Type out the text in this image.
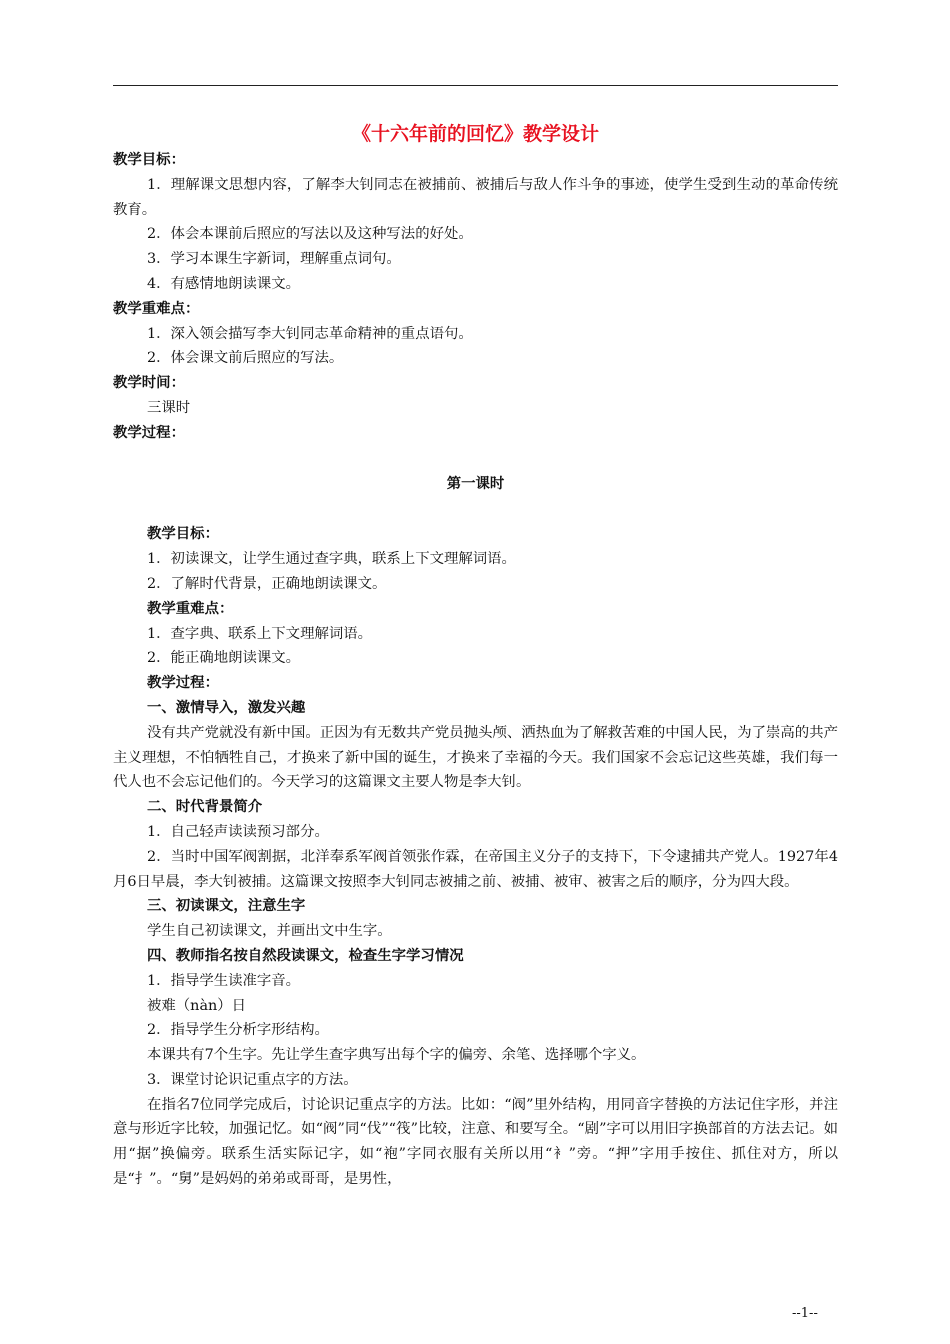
《十六年前的回忆》教学设计
教学目标：
1．理解课文思想内容，了解李大钊同志在被捕前、被捕后与敌人作斗争的事迹，使学生受到生动的革命传统教育。
2．体会本课前后照应的写法以及这种写法的好处。
3．学习本课生字新词，理解重点词句。
4．有感情地朗读课文。
教学重难点：
1．深入领会描写李大钊同志革命精神的重点语句。
2．体会课文前后照应的写法。
教学时间：
三课时
教学过程：
第一课时
教学目标：
1．初读课文，让学生通过查字典，联系上下文理解词语。
2．了解时代背景，正确地朗读课文。
教学重难点：
1．查字典、联系上下文理解词语。
2．能正确地朗读课文。
教学过程：
一、激情导入，激发兴趣
没有共产党就没有新中国。正因为有无数共产党员抛头颅、洒热血为了解救苦难的中国人民，为了崇高的共产主义理想，不怕牺牲自己，才换来了新中国的诞生，才换来了幸福的今天。我们国家不会忘记这些英雄，我们每一代人也不会忘记他们的。今天学习的这篇课文主要人物是李大钊。
二、时代背景简介
1．自己轻声读读预习部分。
2．当时中国军阀割据，北洋奉系军阀首领张作霖，在帝国主义分子的支持下，下令逮捕共产党人。1927年4月6日早晨，李大钊被捕。这篇课文按照李大钊同志被捕之前、被捕、被审、被害之后的顺序，分为四大段。
三、初读课文，注意生字
学生自己初读课文，并画出文中生字。
四、教师指名按自然段读课文，检查生字学习情况
1．指导学生读准字音。
被难（nàn）日
2．指导学生分析字形结构。
本课共有7个生字。先让学生查字典写出每个字的偏旁、余笔、选择哪个字义。
3．课堂讨论识记重点字的方法。
在指名7位同学完成后，讨论识记重点字的方法。比如：“阀”里外结构，用同音字替换的方法记住字形，并注意与形近字比较，加强记忆。如“阀”同“伐”“筏”比较，注意、和要写全。“剧”字可以用旧字换部首的方法去记。如用“据”换偏旁。联系生活实际记字，如“袍”字同衣服有关所以用“衤”旁。“押”字用手按住、抓住对方，所以是“扌”。“舅”是妈妈的弟弟或哥哥，是男性，
--1--
